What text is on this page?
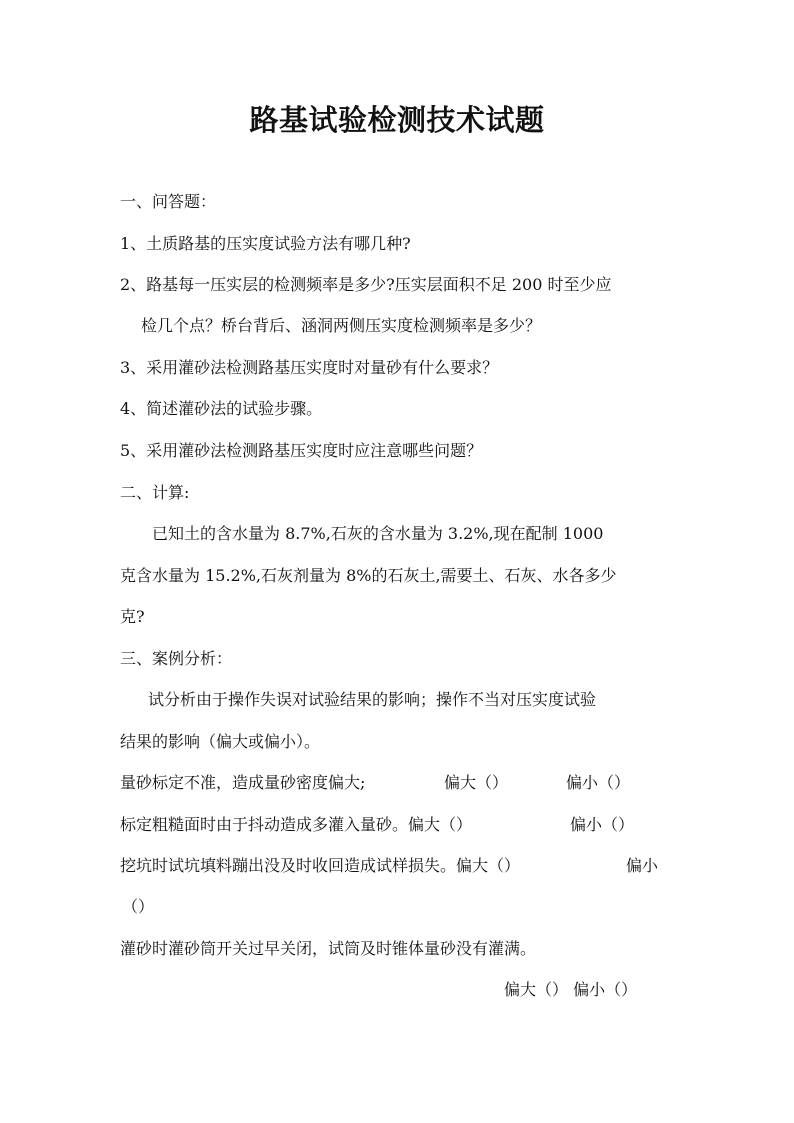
路基试验检测技术试题
一、问答题：
1、土质路基的压实度试验方法有哪几种?
2、路基每一压实层的检测频率是多少?压实层面积不足 200 时至少应
检几个点？桥台背后、涵洞两侧压实度检测频率是多少？
3、采用灌砂法检测路基压实度时对量砂有什么要求？
4、简述灌砂法的试验步骤。
5、采用灌砂法检测路基压实度时应注意哪些问题？
二、计算:
已知土的含水量为 8.7%,石灰的含水量为 3.2%,现在配制 1000
克含水量为 15.2%,石灰剂量为 8%的石灰土,需要土、石灰、水各多少
克?
三、案例分析：
试分析由于操作失误对试验结果的影响；操作不当对压实度试验
结果的影响（偏大或偏小）。
量砂标定不准，造成量砂密度偏大;	偏大（）	偏小（）
标定粗糙面时由于抖动造成多灌入量砂。偏大（）	偏小（）
挖坑时试坑填料蹦出没及时收回造成试样损失。偏大（）	偏小
（）
灌砂时灌砂筒开关过早关闭，试筒及时锥体量砂没有灌满。
偏大（） 偏小（）
